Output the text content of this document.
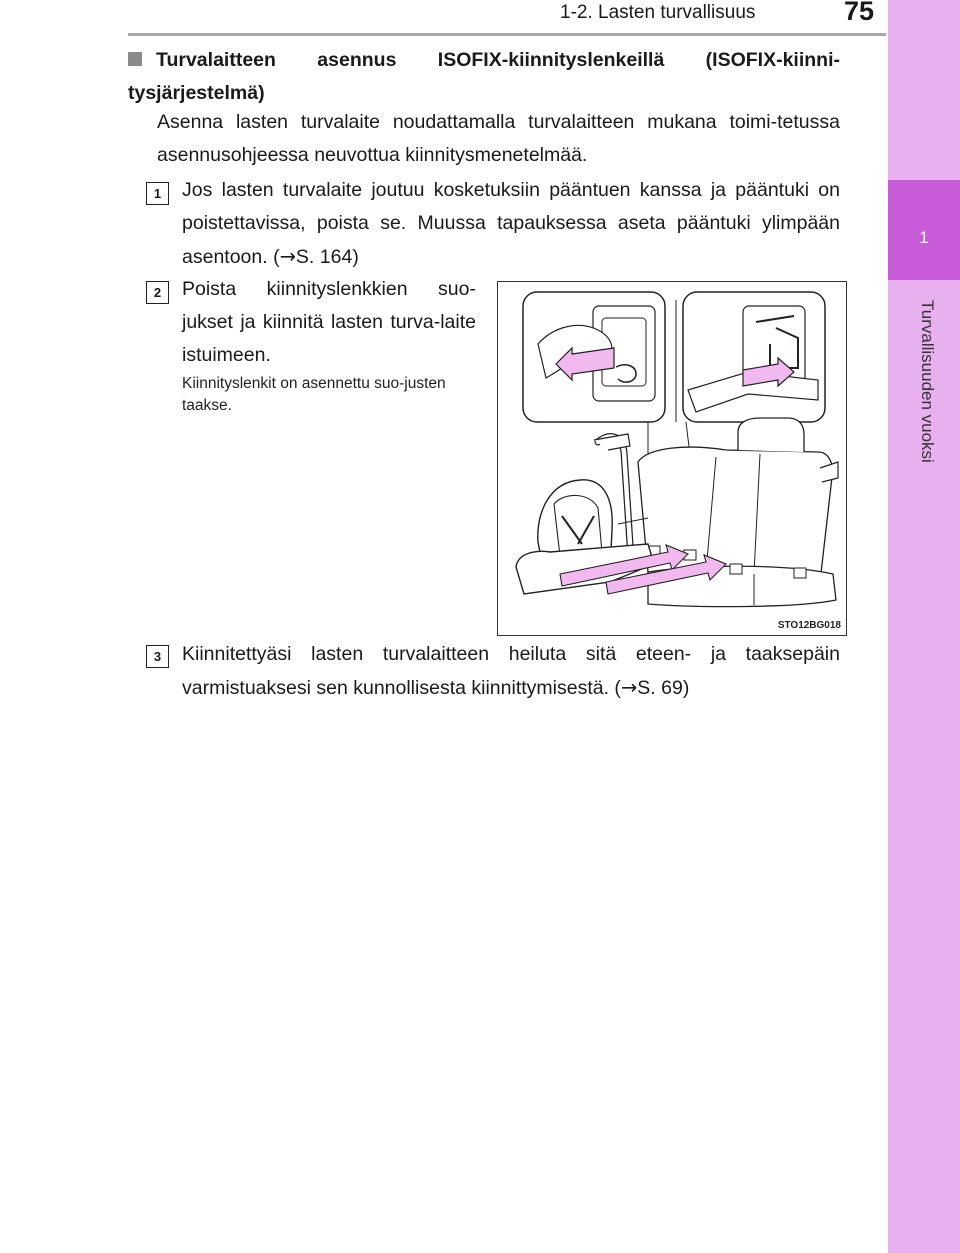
1-2. Lasten turvallisuus	75
1
Turvallisuuden vuoksi
Turvalaitteen asennus ISOFIX-kiinnityslenkeillä (ISOFIX-kiinni-tysjärjestelmä)
Asenna lasten turvalaite noudattamalla turvalaitteen mukana toimi-tetussa asennusohjeessa neuvottua kiinnitysmenetelmää.
1	Jos lasten turvalaite joutuu kosketuksiin pääntuen kanssa ja pääntuki on poistettavissa, poista se. Muussa tapauksessa aseta pääntuki ylimpään asentoon. (→S. 164)
2	Poista kiinnityslenkkien suo-jukset ja kiinnitä lasten turva-laite istuimeen.
Kiinnityslenkit on asennettu suo-justen taakse.
STO12BG018
3	Kiinnitettyäsi lasten turvalaitteen heiluta sitä eteen- ja taaksepäin varmistuaksesi sen kunnollisesta kiinnittymisestä. (→S. 69)
